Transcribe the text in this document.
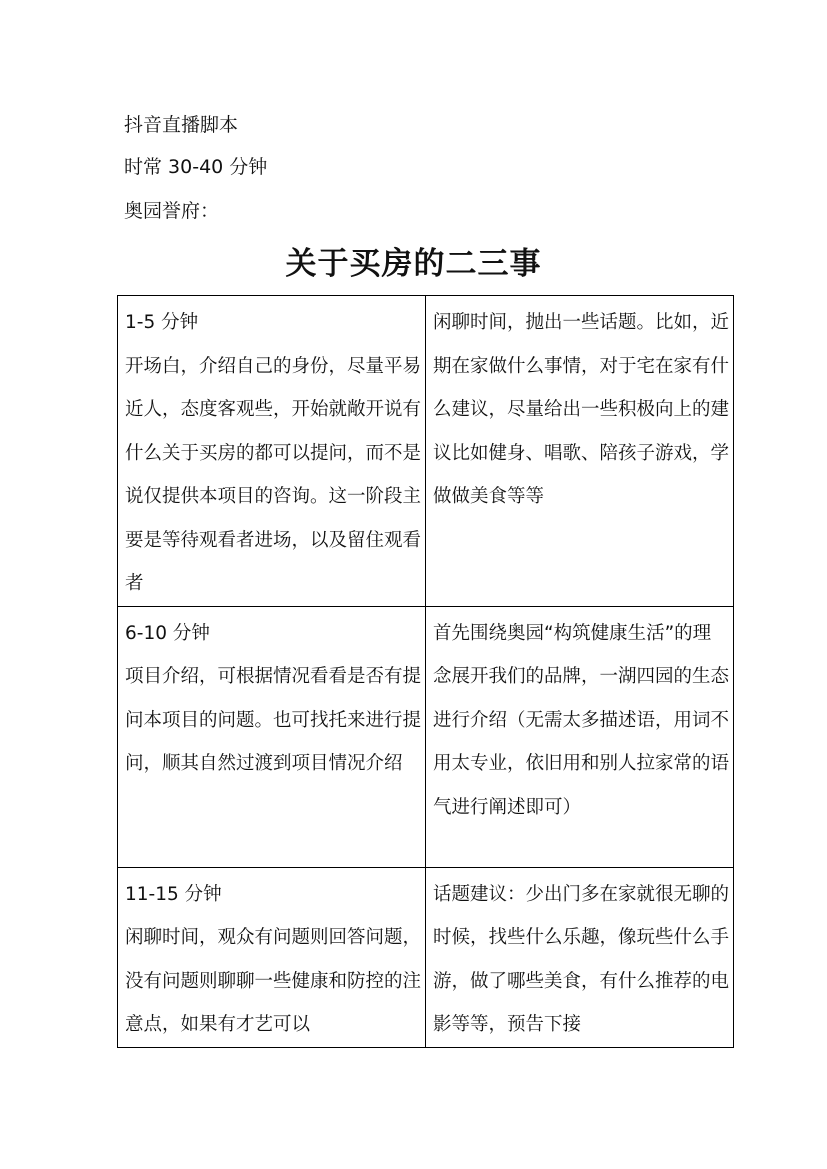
抖音直播脚本
时常 30-40 分钟
奥园誉府：
关于买房的二三事
1-5 分钟
开场白，介绍自己的身份，尽量平易近人，态度客观些，开始就敞开说有什么关于买房的都可以提问，而不是说仅提供本项目的咨询。这一阶段主要是等待观看者进场，以及留住观看者	闲聊时间，抛出一些话题。比如，近期在家做什么事情，对于宅在家有什么建议，尽量给出一些积极向上的建议比如健身、唱歌、陪孩子游戏，学做做美食等等

6-10 分钟
项目介绍，可根据情况看看是否有提问本项目的问题。也可找托来进行提问，顺其自然过渡到项目情况介绍	首先围绕奥园“构筑健康生活”的理念展开我们的品牌，一湖四园的生态进行介绍（无需太多描述语，用词不用太专业，依旧用和别人拉家常的语气进行阐述即可）

11-15 分钟
闲聊时间，观众有问题则回答问题，没有问题则聊聊一些健康和防控的注意点，如果有才艺可以	话题建议：少出门多在家就很无聊的时候，找些什么乐趣，像玩些什么手游，做了哪些美食，有什么推荐的电影等等，预告下接
